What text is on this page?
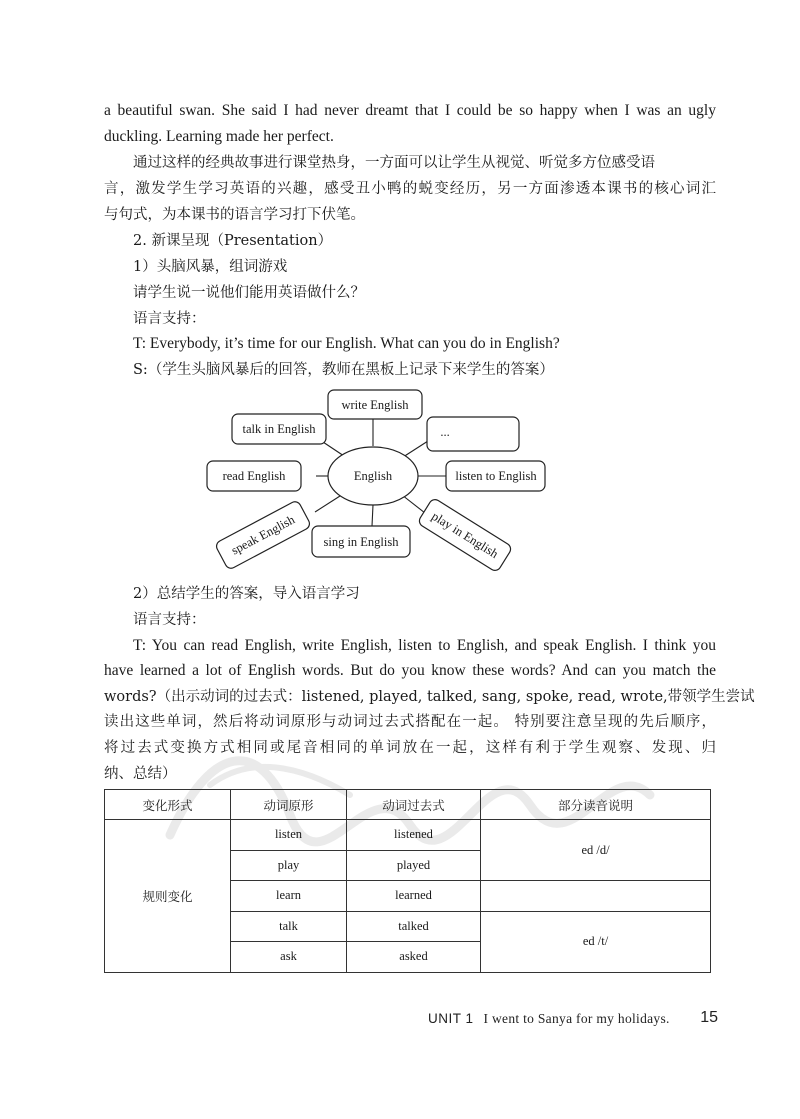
a beautiful swan. She said I had never dreamt that I could be so happy when I was an ugly
duckling. Learning made her perfect.
通过这样的经典故事进行课堂热身，一方面可以让学生从视觉、听觉多方位感受语
言，激发学生学习英语的兴趣，感受丑小鸭的蜕变经历，另一方面渗透本课书的核心词汇
与句式，为本课书的语言学习打下伏笔。
2. 新课呈现（Presentation）
1）头脑风暴，组词游戏
请学生说一说他们能用英语做什么？
语言支持：
T: Everybody, it’s time for our English. What can you do in English?
S:（学生头脑风暴后的回答，教师在黑板上记录下来学生的答案）
English
write English
talk in English	...
read English	listen to English
sing in English
speak English	play in English
2）总结学生的答案，导入语言学习
语言支持：
T: You can read English, write English, listen to English, and speak English. I think you
have learned a lot of English words. But do you know these words? And can you match the
words?（出示动词的过去式：listened, played, talked, sang, spoke, read, wrote,带领学生尝试
读出这些单词，然后将动词原形与动词过去式搭配在一起。 特别要注意呈现的先后顺序，
将过去式变换方式相同或尾音相同的单词放在一起，这样有利于学生观察、发现、归
纳、总结）
变化形式	动词原形	动词过去式	部分读音说明
规则变化	listen	listened	ed /d/
	play	played	
	learn	learned	
	talk	talked	ed /t/
	ask	asked	
UNIT 1 I went to Sanya for my holidays. 15
